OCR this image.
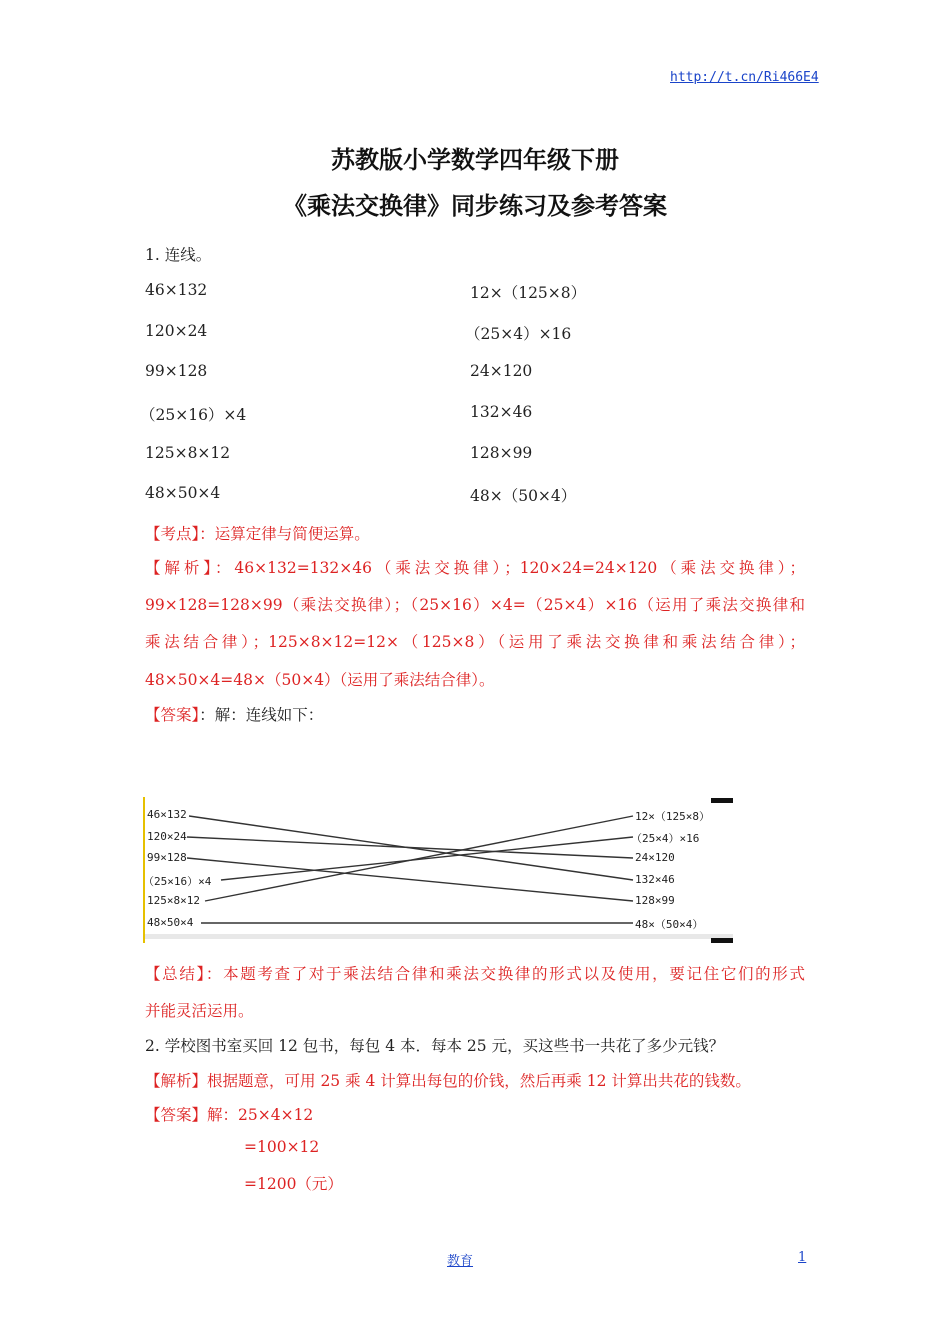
http://t.cn/Ri466E4
苏教版小学数学四年级下册
《乘法交换律》同步练习及参考答案
1. 连线。
46×132
120×24
99×128
（25×16）×4
125×8×12
48×50×4
12×（125×8）
（25×4）×16
24×120
132×46
128×99
48×（50×4）
【考点】：运算定律与简便运算。
【解析】：46×132=132×46（乘法交换律）；120×24=24×120（乘法交换律）；
99×128=128×99（乘法交换律）；（25×16）×4=（25×4）×16（运用了乘法交换律和
乘法结合律）；125×8×12=12×（125×8）（运用了乘法交换律和乘法结合律）；
48×50×4=48×（50×4）（运用了乘法结合律）。
【答案】：解：连线如下：
46×132
120×24
99×128
（25×16）×4
125×8×12
48×50×4
12×（125×8）
（25×4）×16
24×120
132×46
128×99
48×（50×4）
【总结】：本题考查了对于乘法结合律和乘法交换律的形式以及使用，要记住它们的形式
并能灵活运用。
2. 学校图书室买回 12 包书，每包 4 本．每本 25 元，买这些书一共花了多少元钱？
【解析】根据题意，可用 25 乘 4 计算出每包的价钱，然后再乘 12 计算出共花的钱数。
【答案】解：25×4×12
=100×12
=1200（元）
教育	1
